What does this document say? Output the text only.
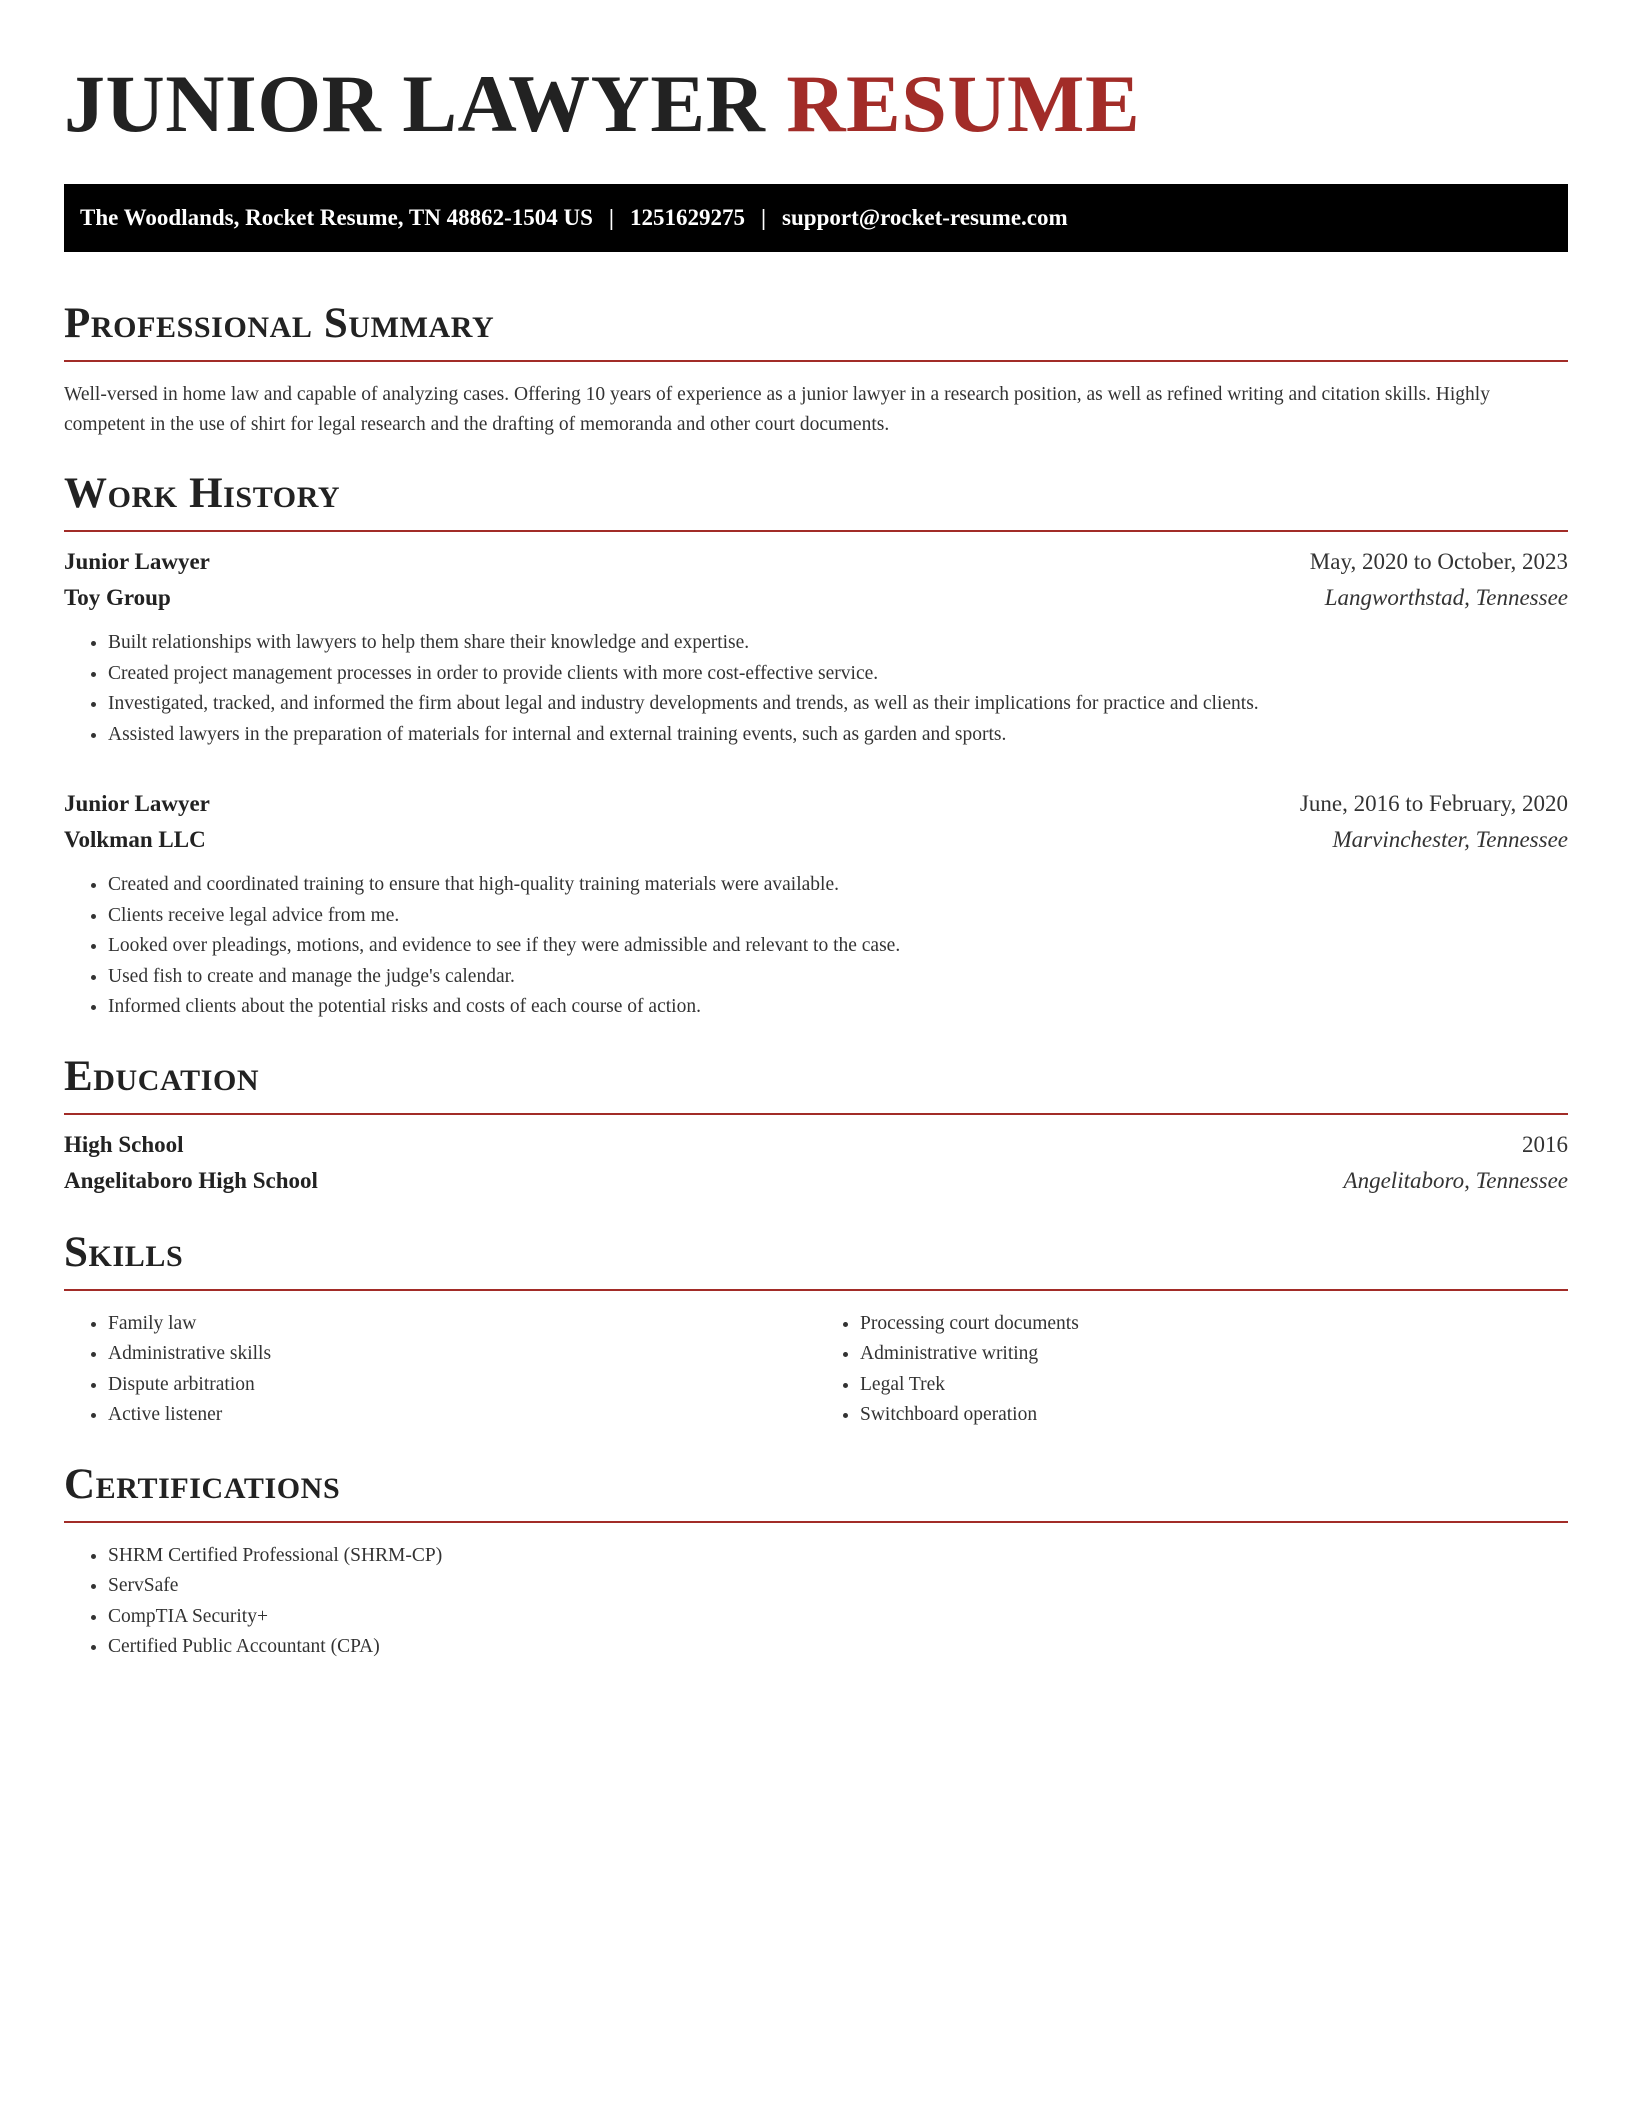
JUNIOR LAWYER RESUME
The Woodlands, Rocket Resume, TN 48862-1504 US | 1251629275 | support@rocket-resume.com
Professional Summary

Well-versed in home law and capable of analyzing cases. Offering 10 years of experience as a junior lawyer in a research position, as well as refined writing and citation skills. Highly competent in the use of shirt for legal research and the drafting of memoranda and other court documents.

Work History
Junior Lawyer	May, 2020 to October, 2023
Toy Group	Langworthstad, Tennessee
• Built relationships with lawyers to help them share their knowledge and expertise.
• Created project management processes in order to provide clients with more cost-effective service.
• Investigated, tracked, and informed the firm about legal and industry developments and trends, as well as their implications for practice and clients.
• Assisted lawyers in the preparation of materials for internal and external training events, such as garden and sports.
Junior Lawyer	June, 2016 to February, 2020
Volkman LLC	Marvinchester, Tennessee
• Created and coordinated training to ensure that high-quality training materials were available.
• Clients receive legal advice from me.
• Looked over pleadings, motions, and evidence to see if they were admissible and relevant to the case.
• Used fish to create and manage the judge's calendar.
• Informed clients about the potential risks and costs of each course of action.
Education
High School	2016
Angelitaboro High School	Angelitaboro, Tennessee
Skills
• Family law
• Administrative skills
• Dispute arbitration
• Active listener
• Processing court documents
• Administrative writing
• Legal Trek
• Switchboard operation
Certifications
• SHRM Certified Professional (SHRM-CP)
• ServSafe
• CompTIA Security+
• Certified Public Accountant (CPA)
